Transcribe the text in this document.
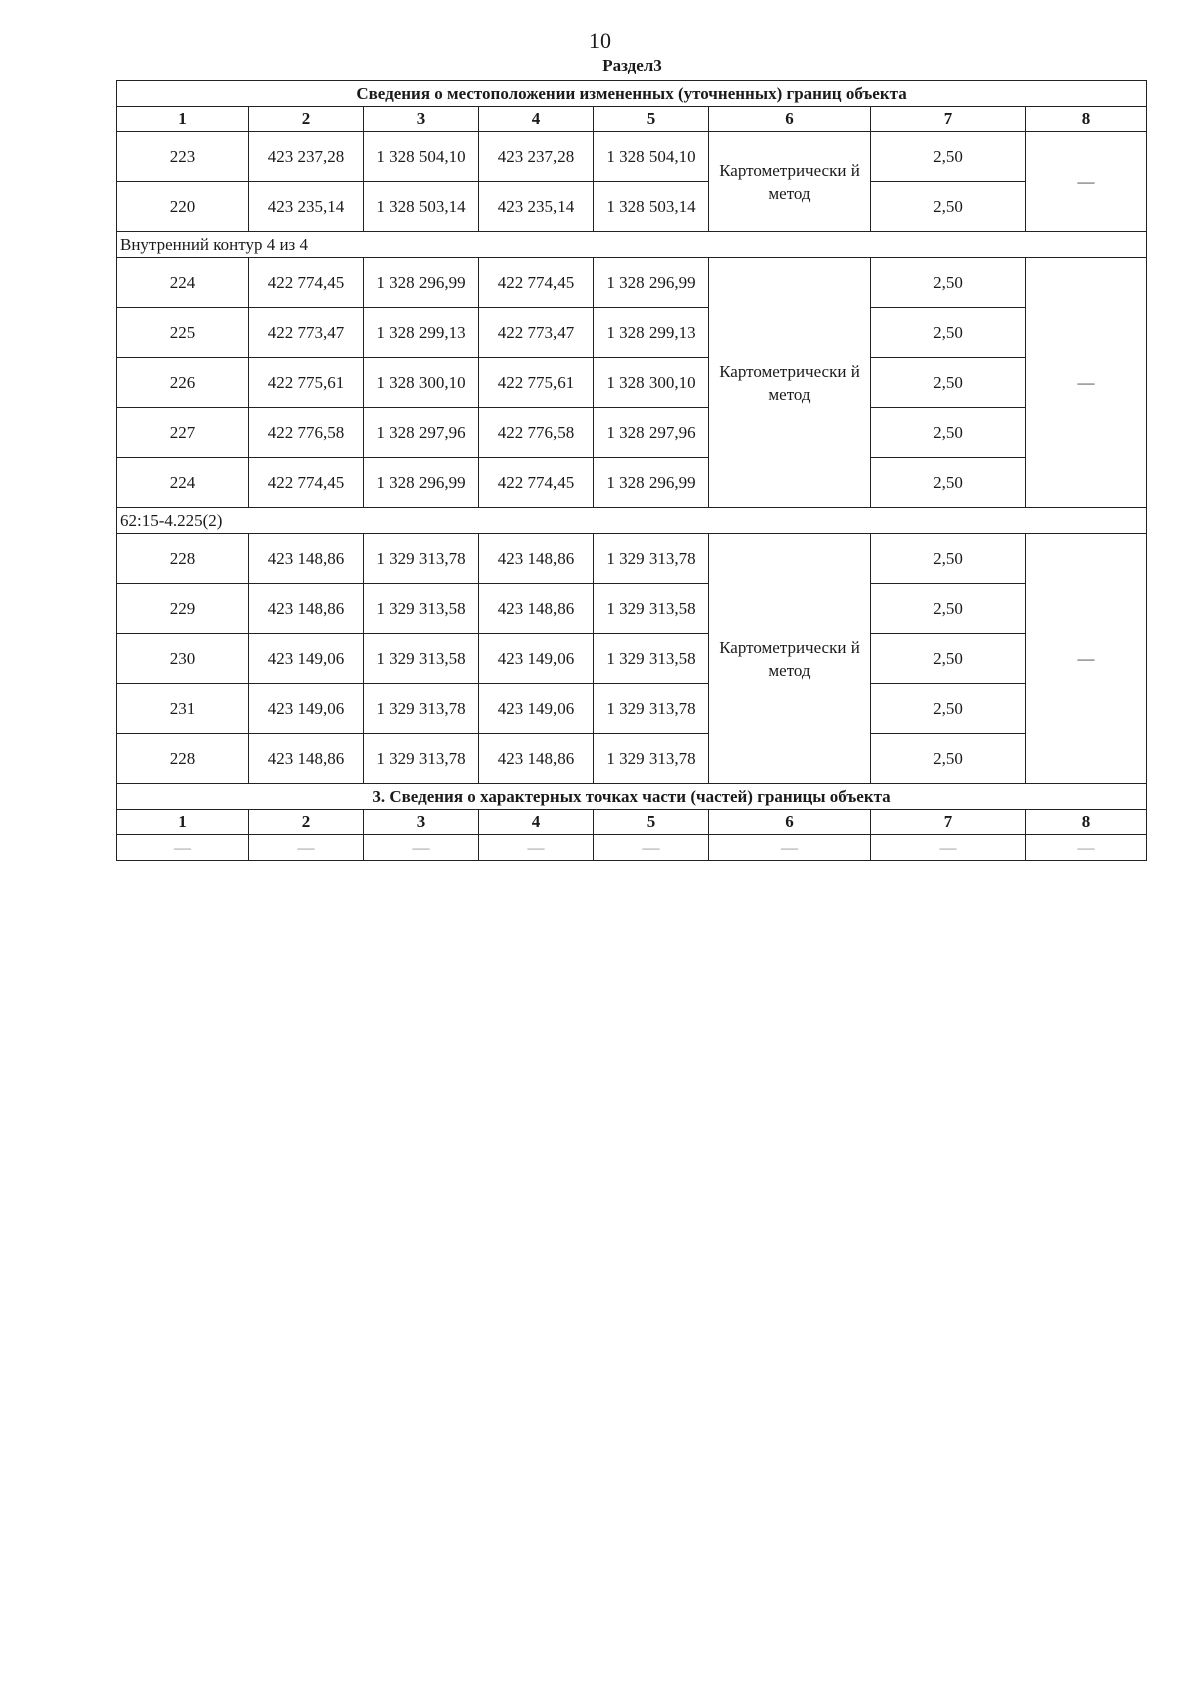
10
Раздел3
Сведения о местоположении измененных (уточненных) границ объекта							
1	2	3	4	5	6	7	8
223	423 237,28	1 328 504,10	423 237,28	1 328 504,10	Картометрически й метод	2,50	—
220	423 235,14	1 328 503,14	423 235,14	1 328 503,14		2,50	
Внутренний контур 4 из 4							
224	422 774,45	1 328 296,99	422 774,45	1 328 296,99	Картометрически й метод	2,50	—
225	422 773,47	1 328 299,13	422 773,47	1 328 299,13		2,50	
226	422 775,61	1 328 300,10	422 775,61	1 328 300,10		2,50	
227	422 776,58	1 328 297,96	422 776,58	1 328 297,96		2,50	
224	422 774,45	1 328 296,99	422 774,45	1 328 296,99		2,50	
62:15-4.225(2)							
228	423 148,86	1 329 313,78	423 148,86	1 329 313,78	Картометрически й метод	2,50	—
229	423 148,86	1 329 313,58	423 148,86	1 329 313,58		2,50	
230	423 149,06	1 329 313,58	423 149,06	1 329 313,58		2,50	
231	423 149,06	1 329 313,78	423 149,06	1 329 313,78		2,50	
228	423 148,86	1 329 313,78	423 148,86	1 329 313,78		2,50	
3. Сведения о характерных точках части (частей) границы объекта							
1	2	3	4	5	6	7	8
—	—	—	—	—	—	—	—
